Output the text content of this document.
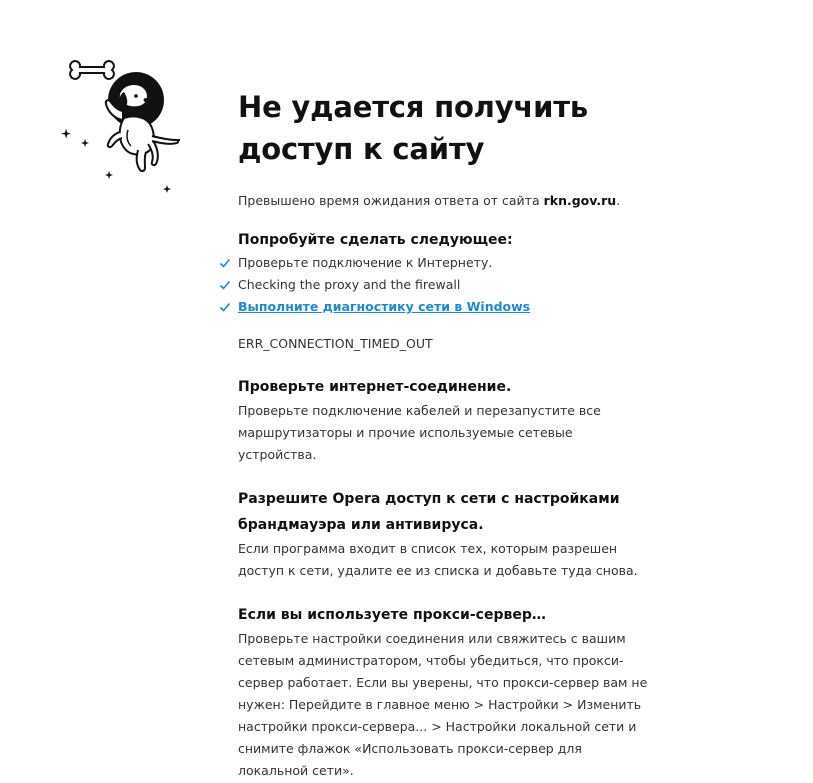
Не удается получить доступ к сайту
Превышено время ожидания ответа от сайта rkn.gov.ru.
Попробуйте сделать следующее:
Проверьте подключение к Интернету.
Checking the proxy and the firewall
Выполните диагностику сети в Windows
ERR_CONNECTION_TIMED_OUT
Проверьте интернет-соединение.
Проверьте подключение кабелей и перезапустите все маршрутизаторы и прочие используемые сетевые устройства.
Разрешите Opera доступ к сети с настройками брандмауэра или антивируса.
Если программа входит в список тех, которым разрешен доступ к сети, удалите ее из списка и добавьте туда снова.
Если вы используете прокси-сервер…
Проверьте настройки соединения или свяжитесь с вашим сетевым администратором, чтобы убедиться, что прокси-сервер работает. Если вы уверены, что прокси-сервер вам не нужен: Перейдите в главное меню > Настройки > Изменить настройки прокси-сервера... > Настройки локальной сети и снимите флажок «Использовать прокси-сервер для локальной сети».
